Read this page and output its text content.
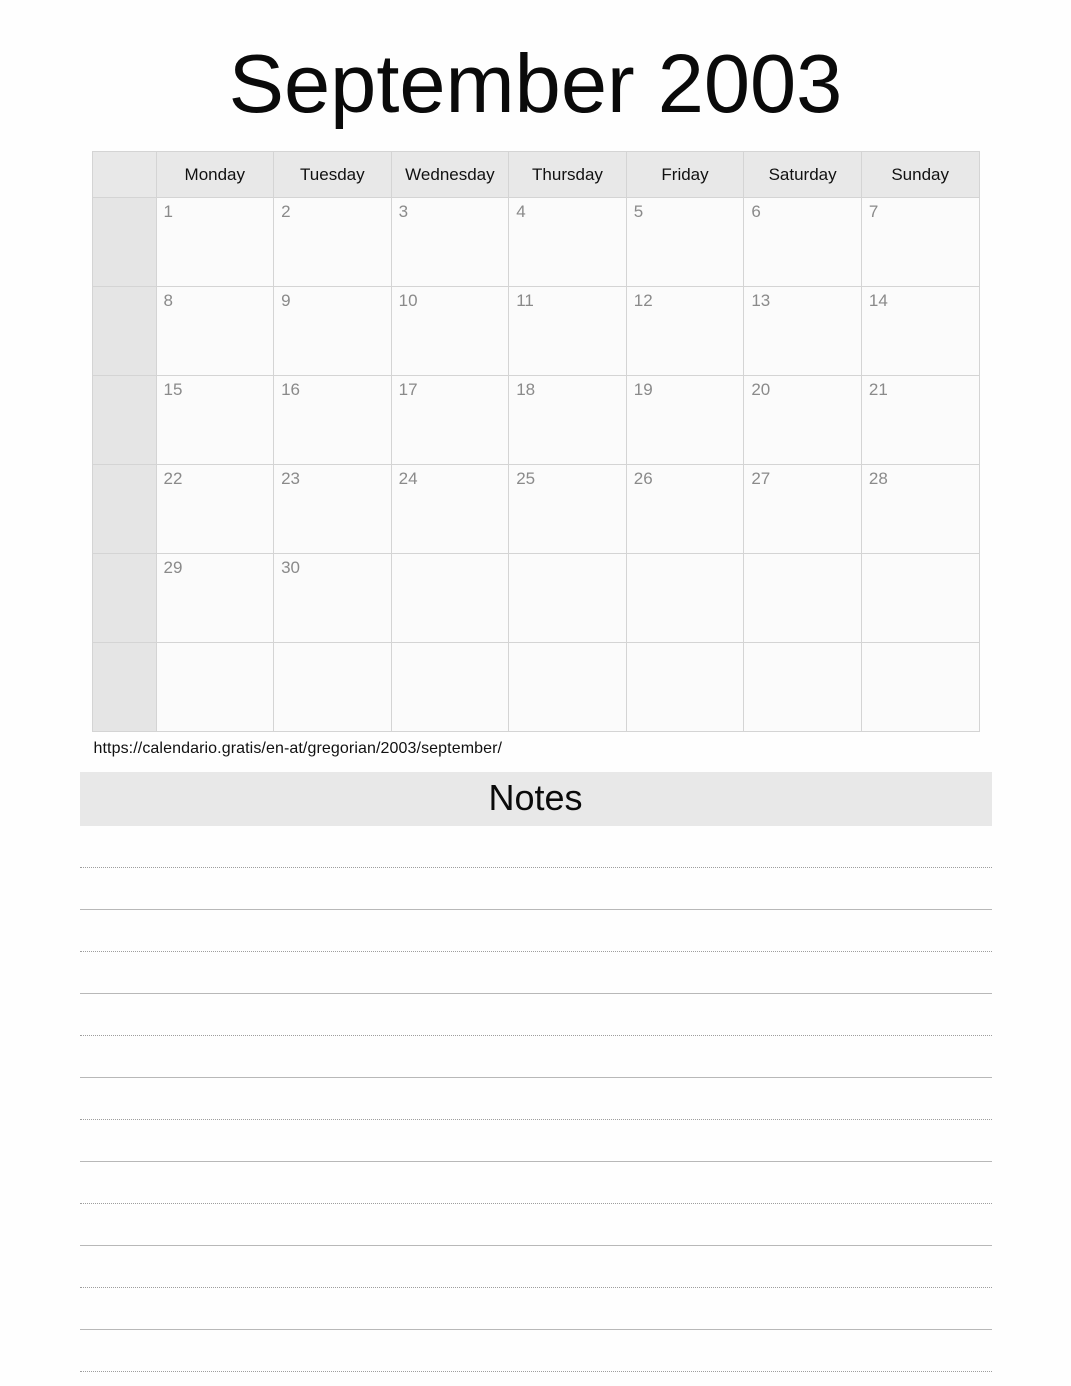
September 2003
	Monday	Tuesday	Wednesday	Thursday	Friday	Saturday	Sunday
	1	2	3	4	5	6	7
	8	9	10	11	12	13	14
	15	16	17	18	19	20	21
	22	23	24	25	26	27	28
	29	30					

https://calendario.gratis/en-at/gregorian/2003/september/
Notes
